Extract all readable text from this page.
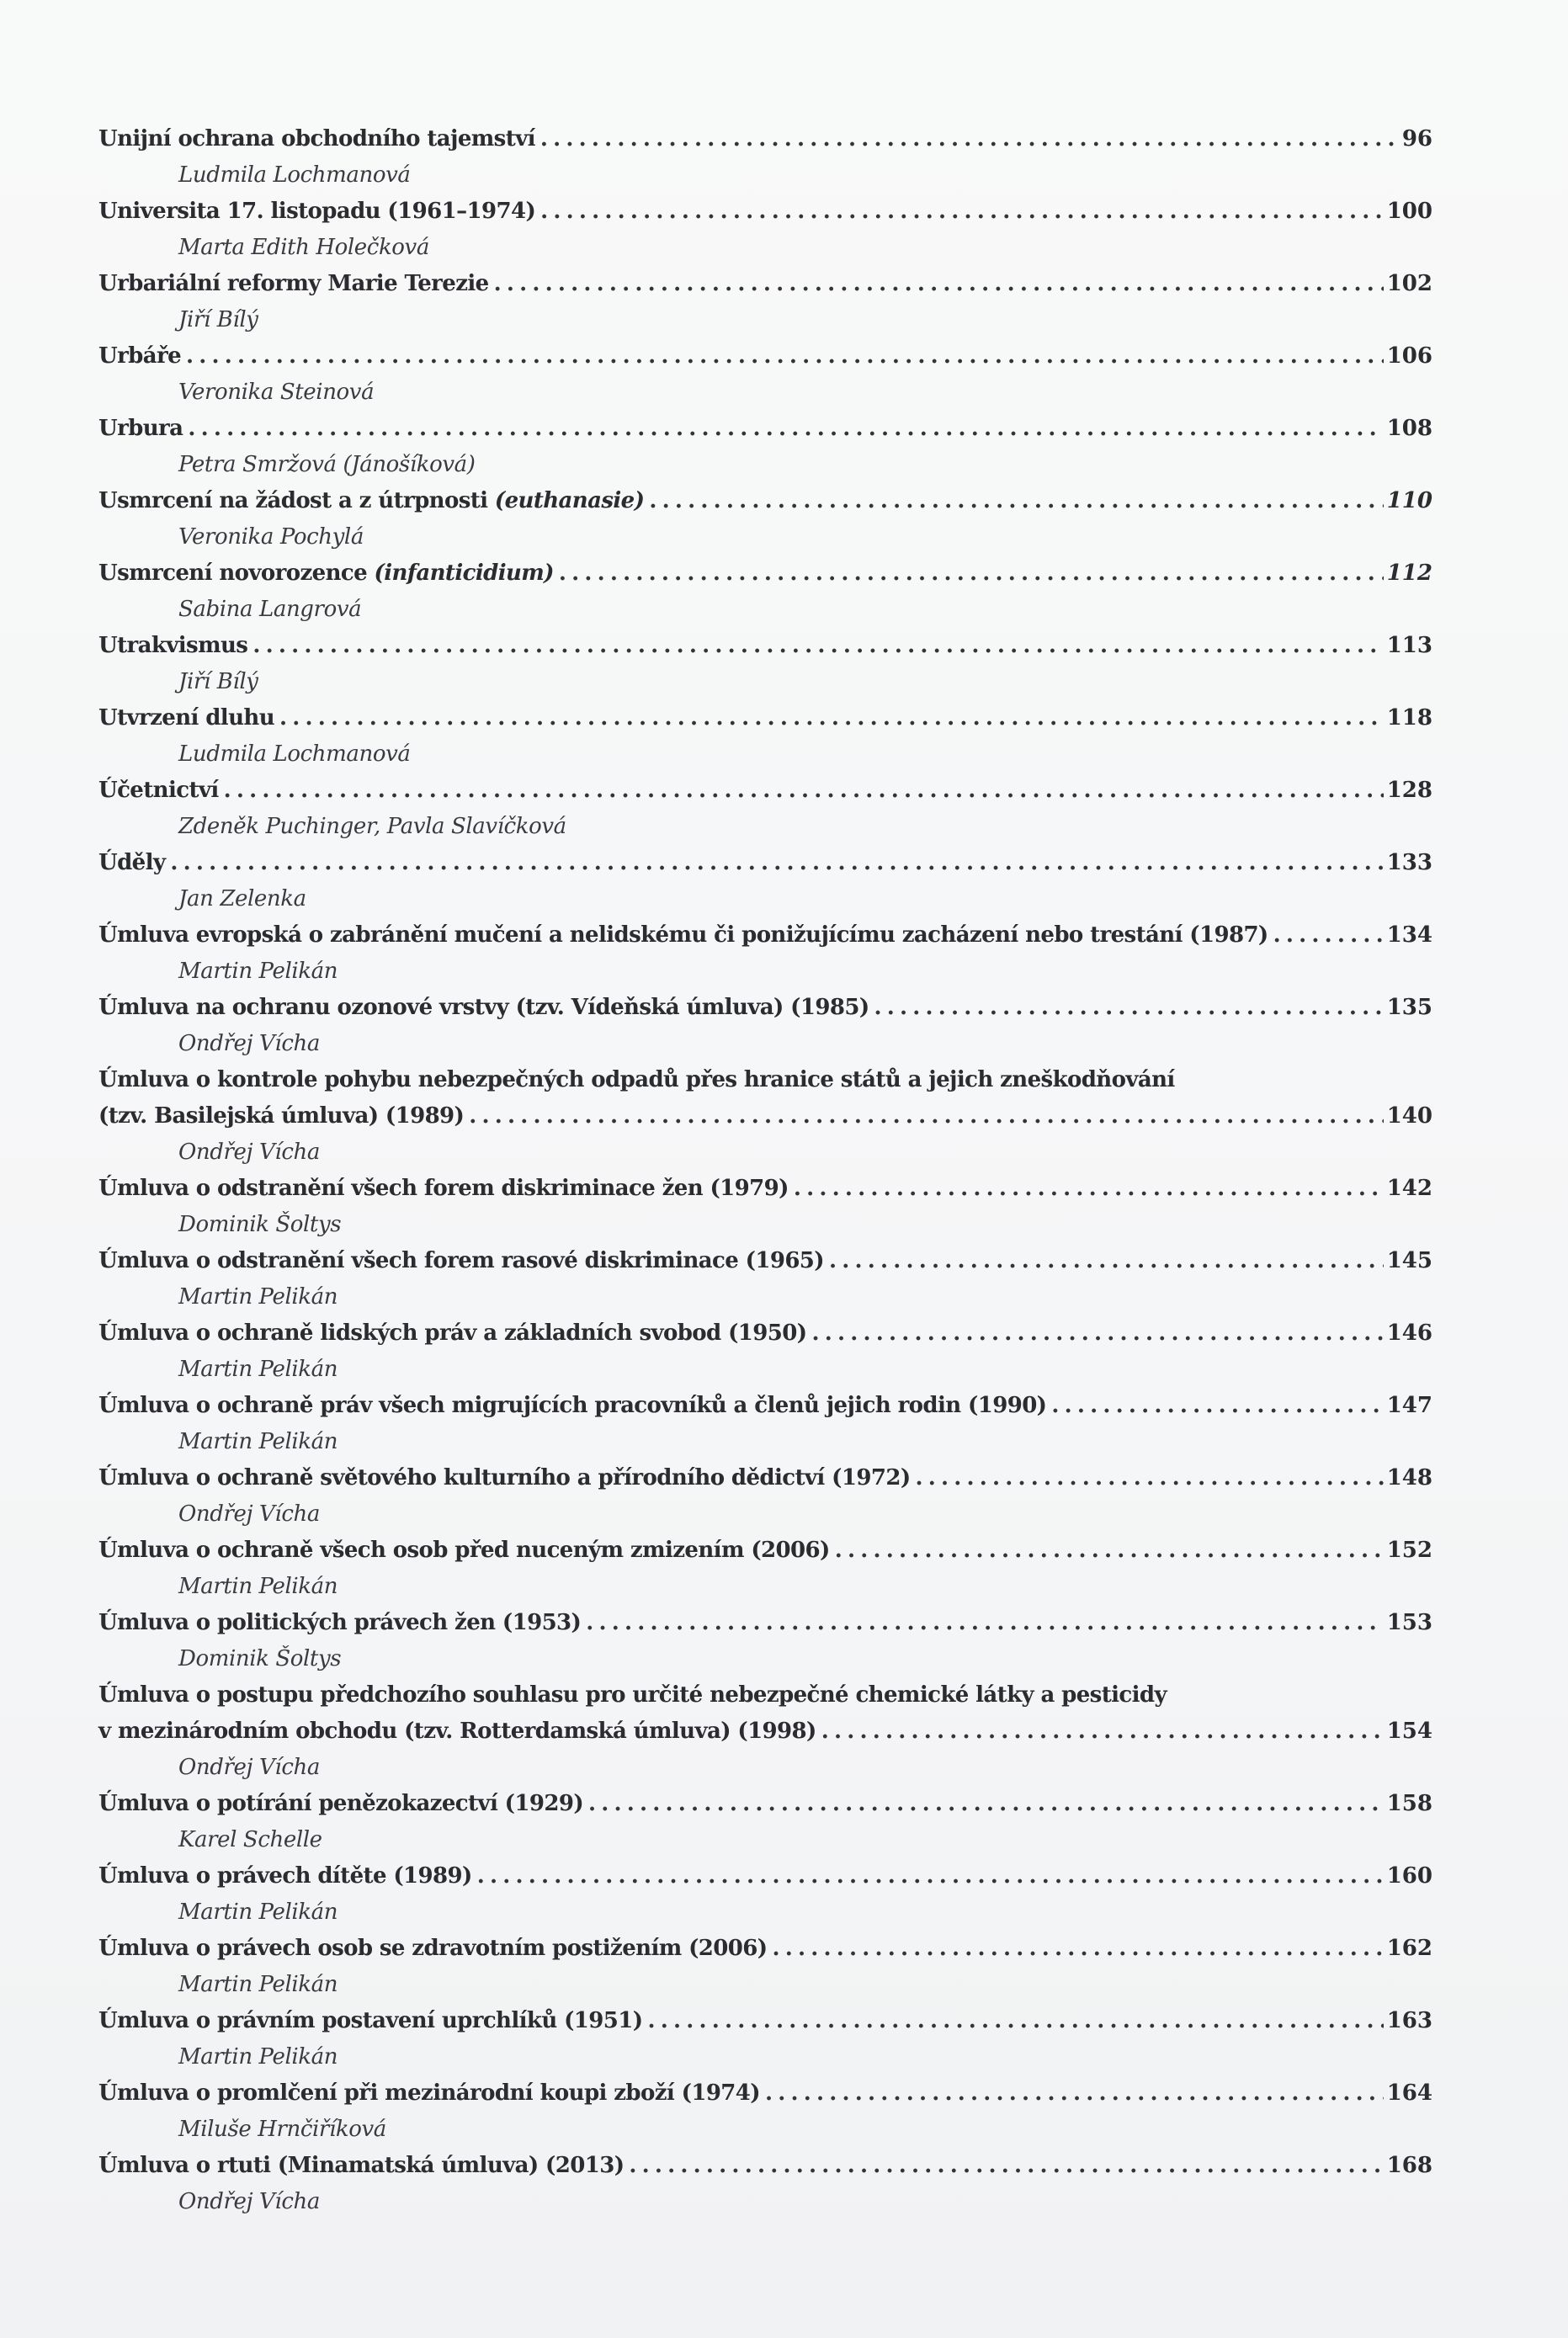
Unijní ochrana obchodního tajemství .....	96
Ludmila Lochmanová
Universita 17. listopadu (1961–1974) .....	100
Marta Edith Holečková
Urbariální reformy Marie Terezie .....	102
Jiří Bílý
Urbáře .....	106
Veronika Steinová
Urbura .....	108
Petra Smržová (Jánošíková)
Usmrcení na žádost a z útrpnosti (euthanasie) .....	110
Veronika Pochylá
Usmrcení novorozence (infanticidium) .....	112
Sabina Langrová
Utrakvismus .....	113
Jiří Bílý
Utvrzení dluhu .....	118
Ludmila Lochmanová
Účetnictví .....	128
Zdeněk Puchinger, Pavla Slavíčková
Úděly .....	133
Jan Zelenka
Úmluva evropská o zabránění mučení a nelidskému či ponižujícímu zacházení nebo trestání (1987) .....	134
Martin Pelikán
Úmluva na ochranu ozonové vrstvy (tzv. Vídeňská úmluva) (1985) .....	135
Ondřej Vícha
Úmluva o kontrole pohybu nebezpečných odpadů přes hranice států a jejich zneškodňování
(tzv. Basilejská úmluva) (1989) .....	140
Ondřej Vícha
Úmluva o odstranění všech forem diskriminace žen (1979) .....	142
Dominik Šoltys
Úmluva o odstranění všech forem rasové diskriminace (1965) .....	145
Martin Pelikán
Úmluva o ochraně lidských práv a základních svobod (1950) .....	146
Martin Pelikán
Úmluva o ochraně práv všech migrujících pracovníků a členů jejich rodin (1990) .....	147
Martin Pelikán
Úmluva o ochraně světového kulturního a přírodního dědictví (1972) .....	148
Ondřej Vícha
Úmluva o ochraně všech osob před nuceným zmizením (2006) .....	152
Martin Pelikán
Úmluva o politických právech žen (1953) .....	153
Dominik Šoltys
Úmluva o postupu předchozího souhlasu pro určité nebezpečné chemické látky a pesticidy
v mezinárodním obchodu (tzv. Rotterdamská úmluva) (1998) .....	154
Ondřej Vícha
Úmluva o potírání penězokazectví (1929) .....	158
Karel Schelle
Úmluva o právech dítěte (1989) .....	160
Martin Pelikán
Úmluva o právech osob se zdravotním postižením (2006) .....	162
Martin Pelikán
Úmluva o právním postavení uprchlíků (1951) .....	163
Martin Pelikán
Úmluva o promlčení při mezinárodní koupi zboží (1974) .....	164
Miluše Hrnčiříková
Úmluva o rtuti (Minamatská úmluva) (2013) .....	168
Ondřej Vícha
